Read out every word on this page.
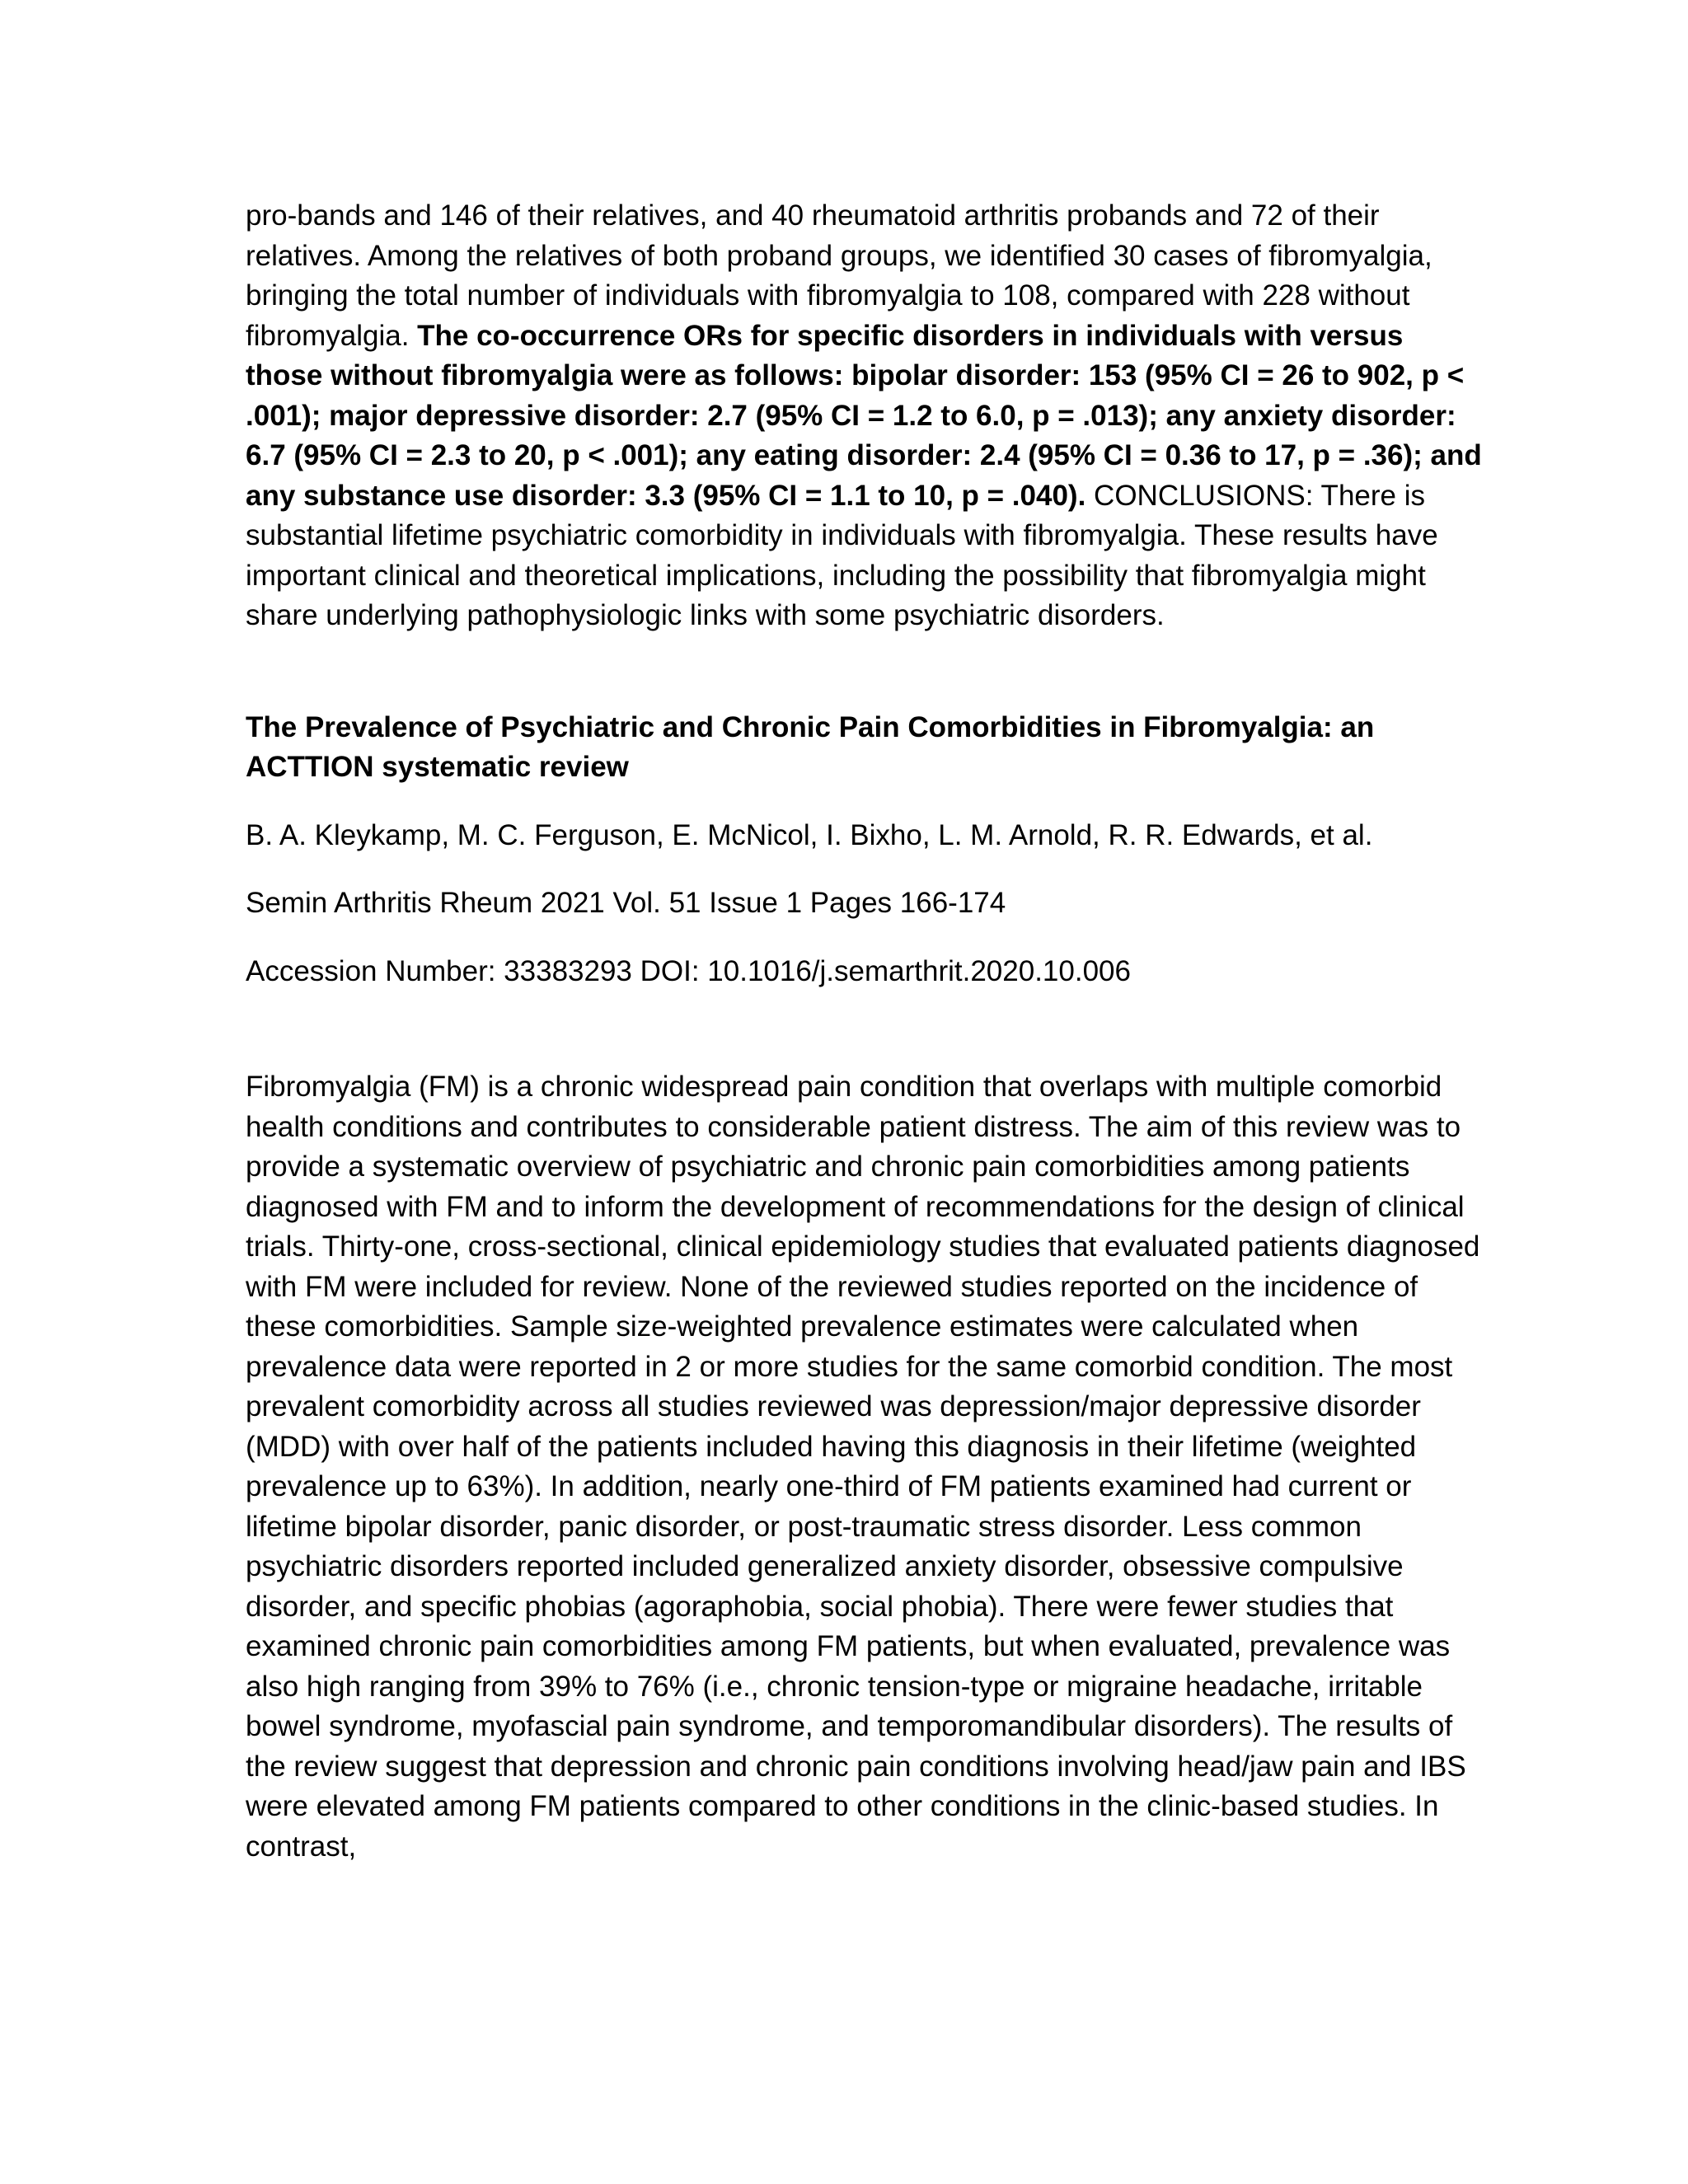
pro-bands and 146 of their relatives, and 40 rheumatoid arthritis probands and 72 of their relatives. Among the relatives of both proband groups, we identified 30 cases of fibromyalgia, bringing the total number of individuals with fibromyalgia to 108, compared with 228 without fibromyalgia. The co-occurrence ORs for specific disorders in individuals with versus those without fibromyalgia were as follows: bipolar disorder: 153 (95% CI = 26 to 902, p < .001); major depressive disorder: 2.7 (95% CI = 1.2 to 6.0, p = .013); any anxiety disorder: 6.7 (95% CI = 2.3 to 20, p < .001); any eating disorder: 2.4 (95% CI = 0.36 to 17, p = .36); and any substance use disorder: 3.3 (95% CI = 1.1 to 10, p = .040). CONCLUSIONS: There is substantial lifetime psychiatric comorbidity in individuals with fibromyalgia. These results have important clinical and theoretical implications, including the possibility that fibromyalgia might share underlying pathophysiologic links with some psychiatric disorders.

The Prevalence of Psychiatric and Chronic Pain Comorbidities in Fibromyalgia: an ACTTION systematic review

B. A. Kleykamp, M. C. Ferguson, E. McNicol, I. Bixho, L. M. Arnold, R. R. Edwards, et al.

Semin Arthritis Rheum 2021 Vol. 51 Issue 1 Pages 166-174

Accession Number: 33383293 DOI: 10.1016/j.semarthrit.2020.10.006

Fibromyalgia (FM) is a chronic widespread pain condition that overlaps with multiple comorbid health conditions and contributes to considerable patient distress. The aim of this review was to provide a systematic overview of psychiatric and chronic pain comorbidities among patients diagnosed with FM and to inform the development of recommendations for the design of clinical trials. Thirty-one, cross-sectional, clinical epidemiology studies that evaluated patients diagnosed with FM were included for review. None of the reviewed studies reported on the incidence of these comorbidities. Sample size-weighted prevalence estimates were calculated when prevalence data were reported in 2 or more studies for the same comorbid condition. The most prevalent comorbidity across all studies reviewed was depression/major depressive disorder (MDD) with over half of the patients included having this diagnosis in their lifetime (weighted prevalence up to 63%). In addition, nearly one-third of FM patients examined had current or lifetime bipolar disorder, panic disorder, or post-traumatic stress disorder. Less common psychiatric disorders reported included generalized anxiety disorder, obsessive compulsive disorder, and specific phobias (agoraphobia, social phobia). There were fewer studies that examined chronic pain comorbidities among FM patients, but when evaluated, prevalence was also high ranging from 39% to 76% (i.e., chronic tension-type or migraine headache, irritable bowel syndrome, myofascial pain syndrome, and temporomandibular disorders). The results of the review suggest that depression and chronic pain conditions involving head/jaw pain and IBS were elevated among FM patients compared to other conditions in the clinic-based studies. In contrast,
